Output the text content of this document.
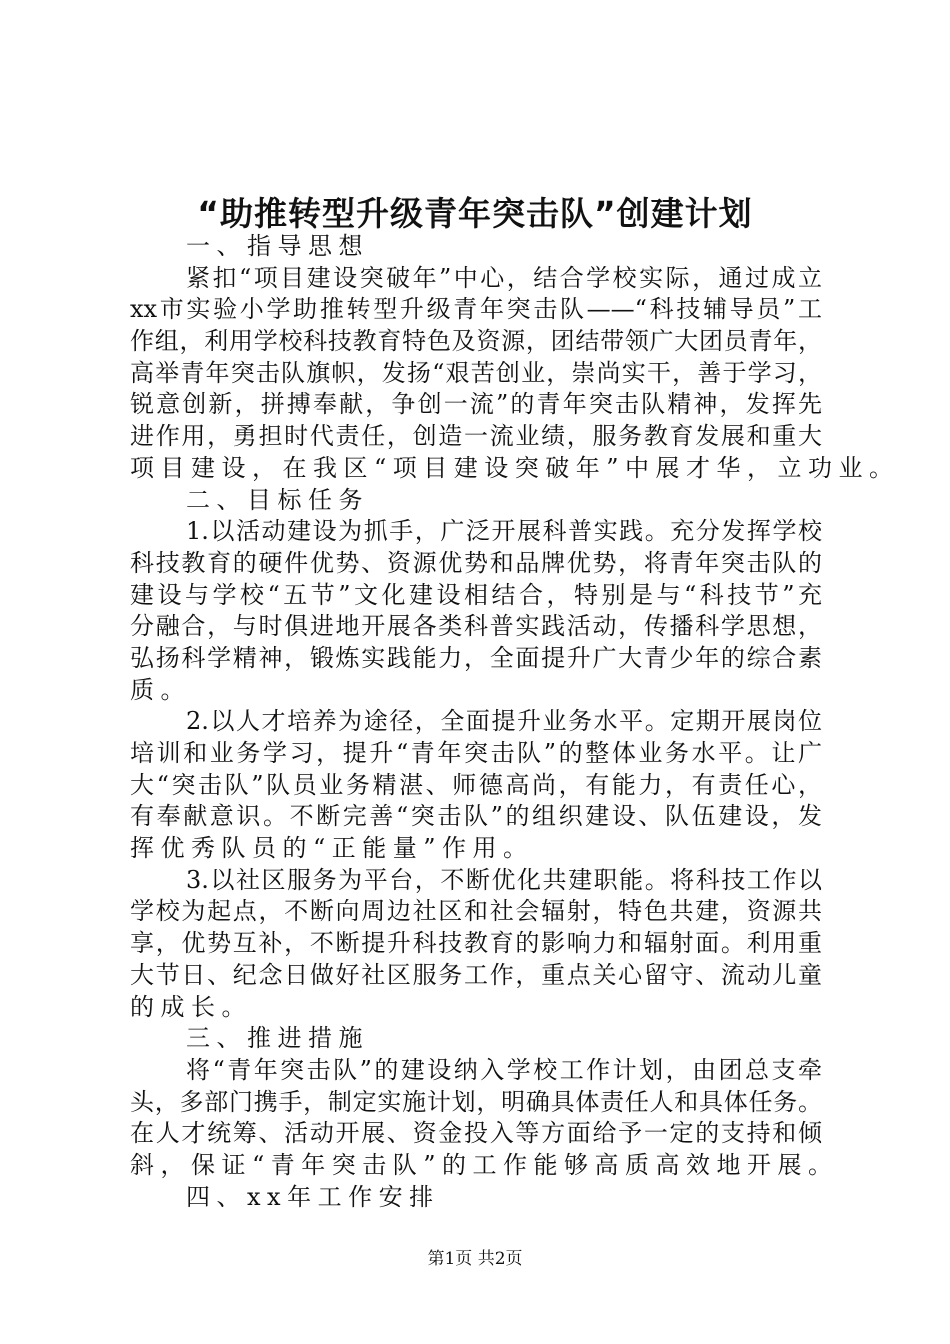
“助推转型升级青年突击队”创建计划
一、指导思想
紧扣“项目建设突破年”中心，结合学校实际，通过成立
xx市实验小学助推转型升级青年突击队——“科技辅导员”工
作组，利用学校科技教育特色及资源，团结带领广大团员青年，
高举青年突击队旗帜，发扬“艰苦创业，崇尚实干，善于学习，
锐意创新，拼搏奉献，争创一流”的青年突击队精神，发挥先
进作用，勇担时代责任，创造一流业绩，服务教育发展和重大
项目建设，在我区“项目建设突破年”中展才华，立功业。
二、目标任务
1.以活动建设为抓手，广泛开展科普实践。充分发挥学校
科技教育的硬件优势、资源优势和品牌优势，将青年突击队的
建设与学校“五节”文化建设相结合，特别是与“科技节”充
分融合，与时俱进地开展各类科普实践活动，传播科学思想，
弘扬科学精神，锻炼实践能力，全面提升广大青少年的综合素
质。
2.以人才培养为途径，全面提升业务水平。定期开展岗位
培训和业务学习，提升“青年突击队”的整体业务水平。让广
大“突击队”队员业务精湛、师德高尚，有能力，有责任心，
有奉献意识。不断完善“突击队”的组织建设、队伍建设，发
挥优秀队员的“正能量”作用。
3.以社区服务为平台，不断优化共建职能。将科技工作以
学校为起点，不断向周边社区和社会辐射，特色共建，资源共
享，优势互补，不断提升科技教育的影响力和辐射面。利用重
大节日、纪念日做好社区服务工作，重点关心留守、流动儿童
的成长。
三、推进措施
将“青年突击队”的建设纳入学校工作计划，由团总支牵
头，多部门携手，制定实施计划，明确具体责任人和具体任务。
在人才统筹、活动开展、资金投入等方面给予一定的支持和倾
斜，保证“青年突击队”的工作能够高质高效地开展。
四、xx年工作安排
第1页 共2页
